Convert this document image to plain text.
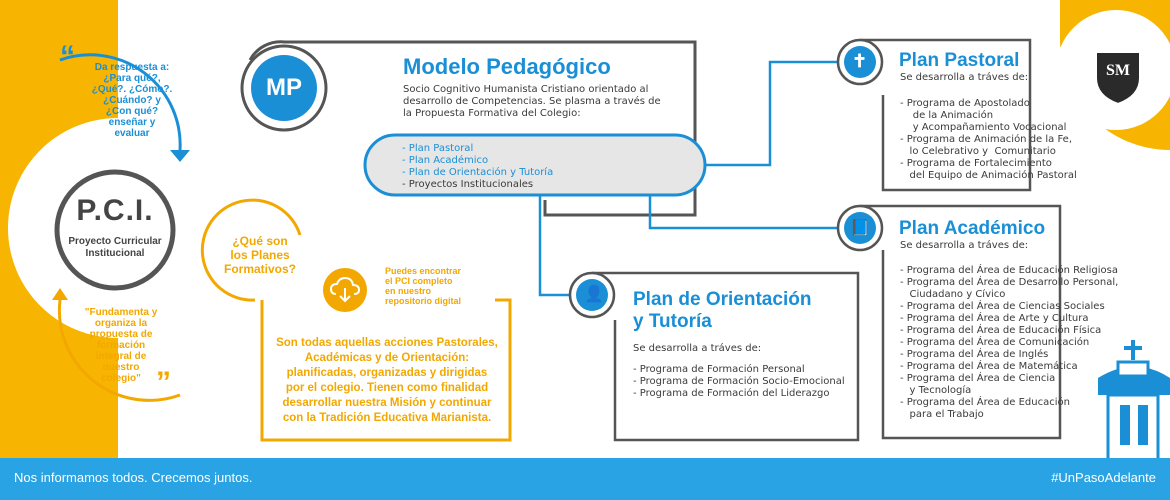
“	Da respuesta a:
¿Para qué?,
¿Qué?. ¿Cómo?.
¿Cuándo? y
¿Con qué?
enseñar y
evaluar
P.C.I.
Proyecto Curricular
Institucional
"Fundamenta y
organiza la
propuesta de
formación
integral de
nuestro
colegio" ”
¿Qué son
los Planes
Formativos?	Puedes encontrar
el PCI completo
en nuestro
repositorio digital
Son todas aquellas acciones Pastorales,
Académicas y de Orientación:
planificadas, organizadas y dirigidas
por el colegio. Tienen como finalidad
desarrollar nuestra Misión y continuar
con la Tradición Educativa Marianista.
MP
Modelo Pedagógico
Socio Cognitivo Humanista Cristiano orientado al
desarrollo de Competencias. Se plasma a través de
la Propuesta Formativa del Colegio:
- Plan Pastoral
- Plan Académico
- Plan de Orientación y Tutoría
- Proyectos Institucionales
✝ Plan Pastoral
Se desarrolla a tráves de:
- Programa de Apostolado
de la Animación
y Acompañamiento Vocacional
- Programa de Animación de la Fe,
lo Celebrativo y  Comunitario
- Programa de Fortalecimiento
del Equipo de Animación Pastoral
📘 Plan Académico
Se desarrolla a tráves de:
- Programa del Área de Educación Religiosa
- Programa del Área de Desarrollo Personal,
Ciudadano y Cívico
- Programa del Área de Ciencias Sociales
- Programa del Área de Arte y Cultura
- Programa del Área de Educación Física
- Programa del Área de Comunicación
- Programa del Área de Inglés
- Programa del Área de Matemática
- Programa del Área de Ciencia
y Tecnología
- Programa del Área de Educación
para el Trabajo
👤 Plan de Orientación
y Tutoría
Se desarrolla a tráves de:
- Programa de Formación Personal
- Programa de Formación Socio-Emocional
- Programa de Formación del Liderazgo
SM
Nos informamos todos. Crecemos juntos.	#UnPasoAdelante
